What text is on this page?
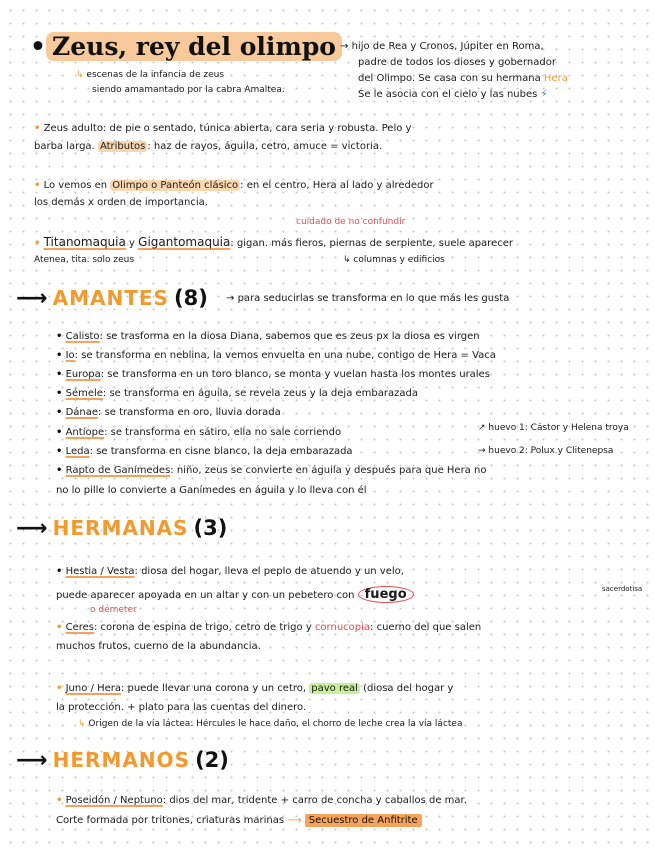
• Zeus, rey del olimpo → hijo de Rea y Cronos, Júpiter en Roma,
padre de todos los dioses y gobernador
del Olimpo. Se casa con su hermana Hera
Se le asocia con el cielo y las nubes ⚡
↳ escenas de la infancia de zeus
siendo amamantado por la cabra Amaltea.
• Zeus adulto: de pie o sentado, túnica abierta, cara seria y robusta. Pelo y
barba larga. Atributos : haz de rayos, águila, cetro, amuce = victoria.
• Lo vemos en Olimpo o Panteón clásico : en el centro, Hera al lado y alrededor
los demás x orden de importancia.
cuidado de no confundir
• Titanomaquia y Gigantomaquia: gigan. más fieros, piernas de serpiente, suele aparecer
Atenea, tita. solo zeus	↳ columnas y edificios
⟶ AMANTES (8) → para seducirlas se transforma en lo que más les gusta
• Calisto: se trasforma en la diosa Diana, sabemos que es zeus px la diosa es virgen
• Io: se transforma en neblina, la vemos envuelta en una nube, contigo de Hera = Vaca
• Europa: se transforma en un toro blanco, se monta y vuelan hasta los montes urales
• Sémele: se transforma en águila, se revela zeus y la deja embarazada
• Dánae: se transforma en oro, lluvia dorada
• Antíope: se transforma en sátiro, ella no sale corriendo	↗ huevo 1: Cástor y Helena troya
• Leda: se transforma en cisne blanco, la deja embarazada	→ huevo 2: Polux y Clitenepsa
• Rapto de Ganímedes: niño, zeus se convierte en águila y después para que Hera no
no lo pille lo convierte a Ganímedes en águila y lo lleva con él
⟶ HERMANAS (3)
• Hestia / Vesta: diosa del hogar, lleva el peplo de atuendo y un velo,
puede aparecer apoyada en un altar y con un pebetero con fuego	sacerdotisa
o démeter
• Ceres: corona de espina de trigo, cetro de trigo y cornucopia: cuerno del que salen
muchos frutos, cuerno de la abundancia.
• Juno / Hera: puede llevar una corona y un cetro, pavo real (diosa del hogar y
la protección. + plato para las cuentas del dinero.
↳ Origen de la vía láctea: Hércules le hace daño, el chorro de leche crea la vía láctea
⟶ HERMANOS (2)
• Poseidón / Neptuno: dios del mar, tridente + carro de concha y caballos de mar.
Corte formada por tritones, criaturas marinas ⟶ Secuestro de Anfitrite
